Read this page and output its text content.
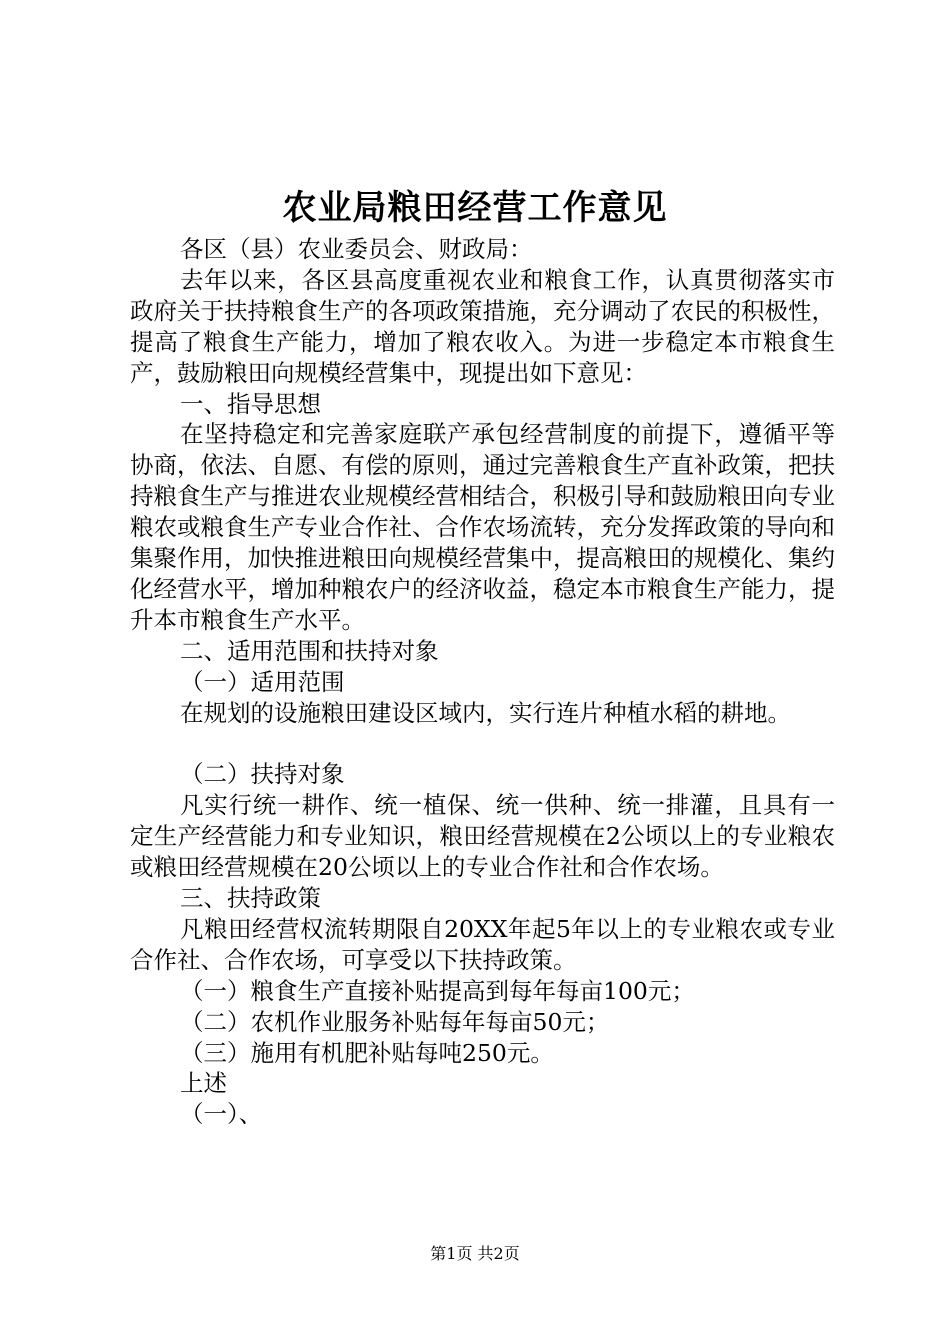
农业局粮田经营工作意见

各区（县）农业委员会、财政局：

去年以来，各区县高度重视农业和粮食工作，认真贯彻落实市政府关于扶持粮食生产的各项政策措施，充分调动了农民的积极性，提高了粮食生产能力，增加了粮农收入。为进一步稳定本市粮食生产，鼓励粮田向规模经营集中，现提出如下意见：

一、指导思想

在坚持稳定和完善家庭联产承包经营制度的前提下，遵循平等协商，依法、自愿、有偿的原则，通过完善粮食生产直补政策，把扶持粮食生产与推进农业规模经营相结合，积极引导和鼓励粮田向专业粮农或粮食生产专业合作社、合作农场流转，充分发挥政策的导向和集聚作用，加快推进粮田向规模经营集中，提高粮田的规模化、集约化经营水平，增加种粮农户的经济收益，稳定本市粮食生产能力，提升本市粮食生产水平。

二、适用范围和扶持对象

（一）适用范围

在规划的设施粮田建设区域内，实行连片种植水稻的耕地。

（二）扶持对象

凡实行统一耕作、统一植保、统一供种、统一排灌，且具有一定生产经营能力和专业知识，粮田经营规模在2公顷以上的专业粮农或粮田经营规模在20公顷以上的专业合作社和合作农场。

三、扶持政策

凡粮田经营权流转期限自20XX年起5年以上的专业粮农或专业合作社、合作农场，可享受以下扶持政策。

（一）粮食生产直接补贴提高到每年每亩100元；

（二）农机作业服务补贴每年每亩50元；

（三）施用有机肥补贴每吨250元。

上述

（一）、

第1页 共2页
